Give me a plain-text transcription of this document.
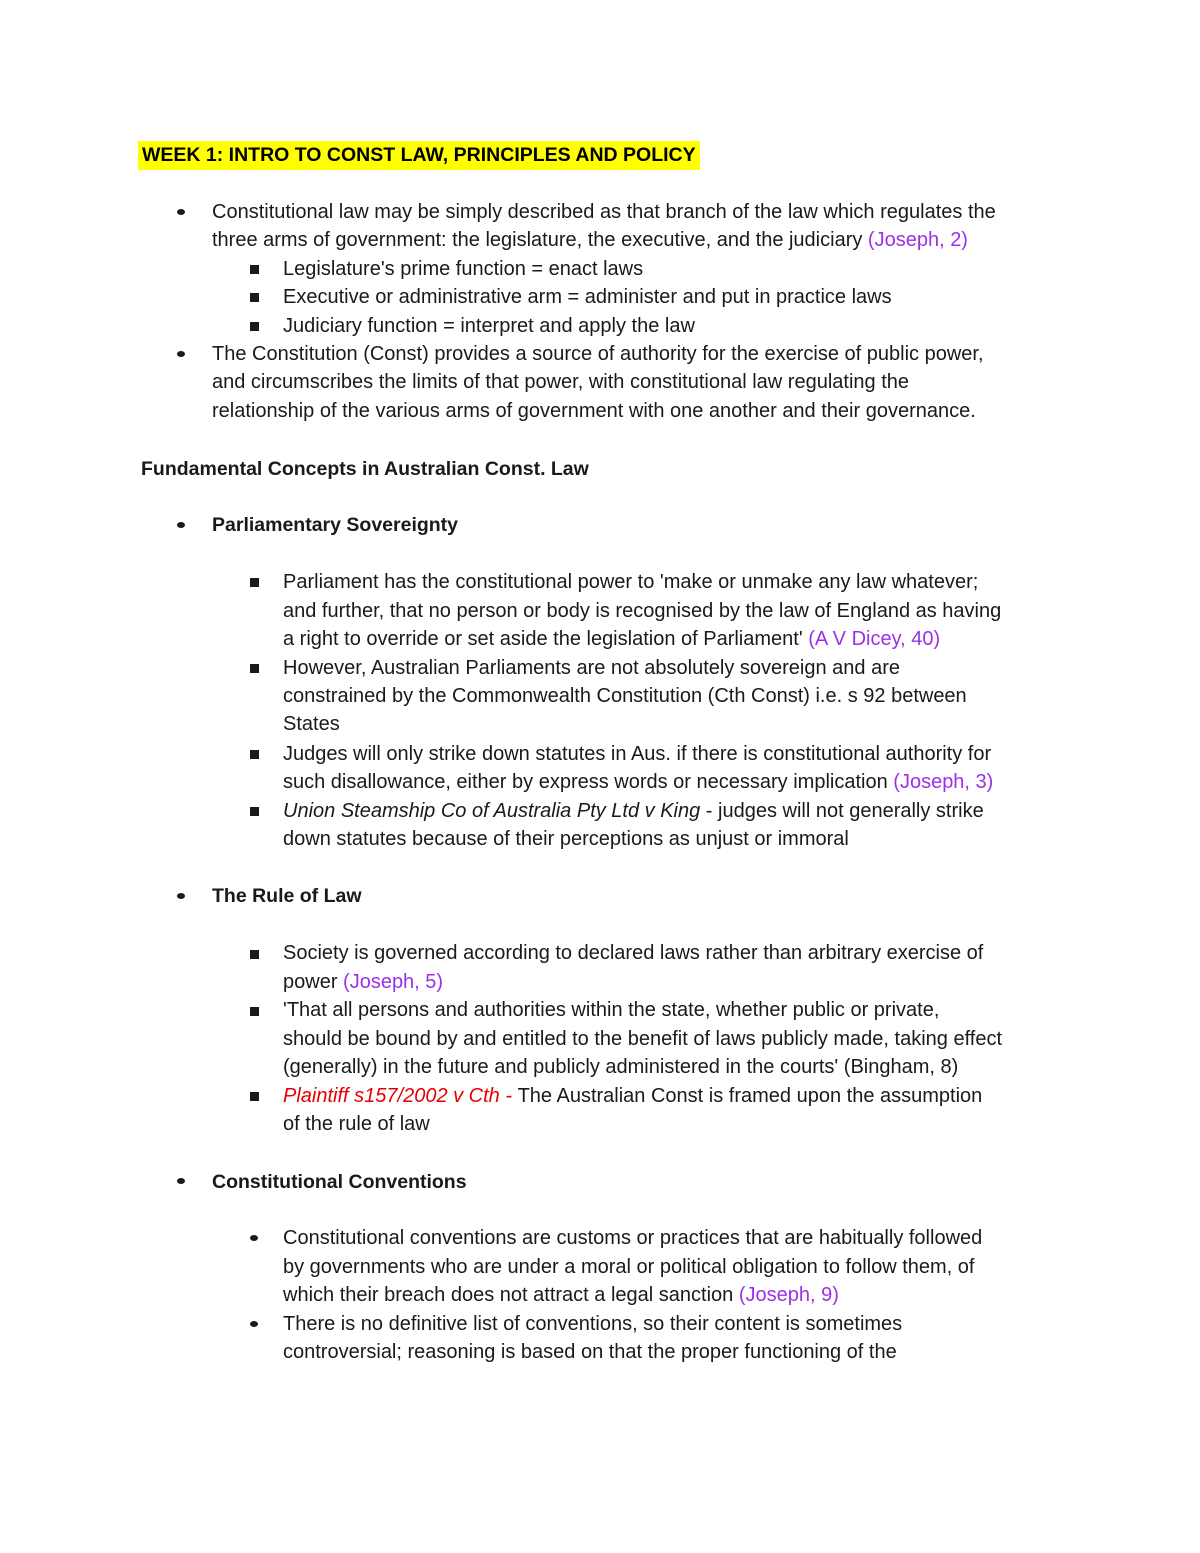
WEEK 1: INTRO TO CONST LAW, PRINCIPLES AND POLICY
Constitutional law may be simply described as that branch of the law which regulates the
three arms of government: the legislature, the executive, and the judiciary (Joseph, 2)
Legislature's prime function = enact laws
Executive or administrative arm = administer and put in practice laws
Judiciary function = interpret and apply the law
The Constitution (Const) provides a source of authority for the exercise of public power,
and circumscribes the limits of that power, with constitutional law regulating the
relationship of the various arms of government with one another and their governance.
Fundamental Concepts in Australian Const. Law
Parliamentary Sovereignty
Parliament has the constitutional power to 'make or unmake any law whatever;
and further, that no person or body is recognised by the law of England as having
a right to override or set aside the legislation of Parliament' (A V Dicey, 40)
However, Australian Parliaments are not absolutely sovereign and are
constrained by the Commonwealth Constitution (Cth Const) i.e. s 92 between
States
Judges will only strike down statutes in Aus. if there is constitutional authority for
such disallowance, either by express words or necessary implication (Joseph, 3)
Union Steamship Co of Australia Pty Ltd v King - judges will not generally strike
down statutes because of their perceptions as unjust or immoral
The Rule of Law
Society is governed according to declared laws rather than arbitrary exercise of
power (Joseph, 5)
'That all persons and authorities within the state, whether public or private,
should be bound by and entitled to the benefit of laws publicly made, taking effect
(generally) in the future and publicly administered in the courts' (Bingham, 8)
Plaintiff s157/2002 v Cth - The Australian Const is framed upon the assumption
of the rule of law
Constitutional Conventions
Constitutional conventions are customs or practices that are habitually followed
by governments who are under a moral or political obligation to follow them, of
which their breach does not attract a legal sanction (Joseph, 9)
There is no definitive list of conventions, so their content is sometimes
controversial; reasoning is based on that the proper functioning of the
